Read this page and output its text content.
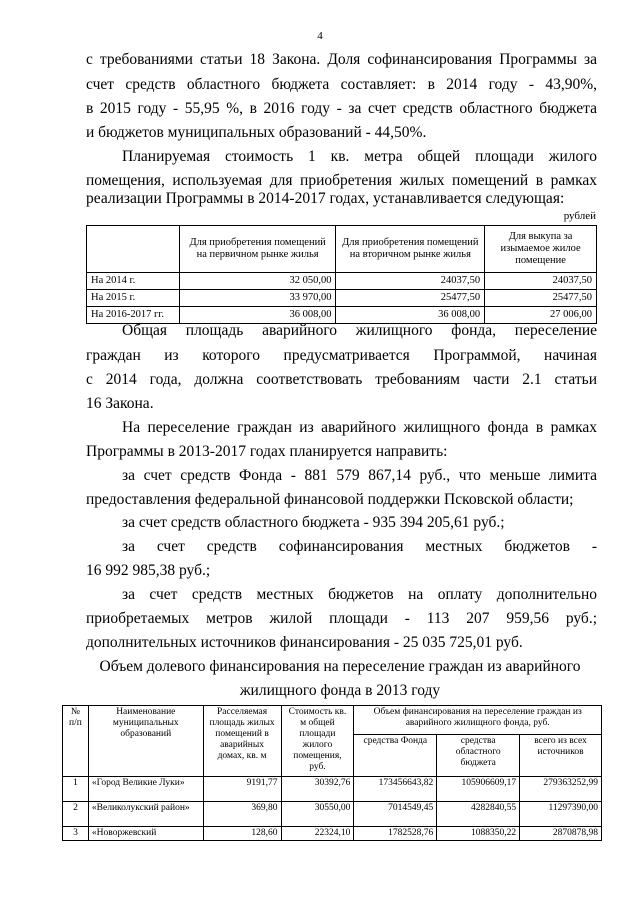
4
с требованиями статьи 18 Закона. Доля софинансирования Программы за
счет средств областного бюджета составляет: в 2014 году - 43,90%,
в 2015 году - 55,95 %, в 2016 году - за счет средств областного бюджета
и бюджетов муниципальных образований - 44,50%.
Планируемая стоимость 1 кв. метра общей площади жилого
помещения, используемая для приобретения жилых помещений в рамках
реализации Программы в 2014-2017 годах, устанавливается следующая:
рублей
	Для приобретения помещений на первичном рынке жилья	Для приобретения помещений на вторичном рынке жилья	Для выкупа за изымаемое жилое помещение
На 2014 г.	32 050,00	24037,50	24037,50
На 2015 г.	33 970,00	25477,50	25477,50
На 2016-2017 гг.	36 008,00	36 008,00	27 006,00
Общая площадь аварийного жилищного фонда, переселение
граждан из которого предусматривается Программой, начиная
с 2014 года, должна соответствовать требованиям части 2.1 статьи
16 Закона.
На переселение граждан из аварийного жилищного фонда в рамках
Программы в 2013-2017 годах планируется направить:
за счет средств Фонда - 881 579 867,14 руб., что меньше лимита
предоставления федеральной финансовой поддержки Псковской области;
за счет средств областного бюджета - 935 394 205,61 руб.;
за счет средств софинансирования местных бюджетов -
16 992 985,38 руб.;
за счет средств местных бюджетов на оплату дополнительно
приобретаемых метров жилой площади - 113 207 959,56 руб.;
дополнительных источников финансирования - 25 035 725,01 руб.
Объем долевого финансирования на переселение граждан из аварийного
жилищного фонда в 2013 году
№ п/п	Наименование муниципальных образований	Расселяемая площадь жилых помещений в аварийных домах, кв. м	Стоимость кв. м общей площади жилого помещения, руб.	Объем финансирования на переселение граждан из аварийного жилищного фонда, руб.		
				средства Фонда	средства областного бюджета	всего из всех источников
1	«Город Великие Луки»	9191,77	30392,76	173456643,82	105906609,17	279363252,99
2	«Великолукский район»	369,80	30550,00	7014549,45	4282840,55	11297390,00
3	«Новоржевский	128,60	22324,10	1782528,76	1088350,22	2870878,98
